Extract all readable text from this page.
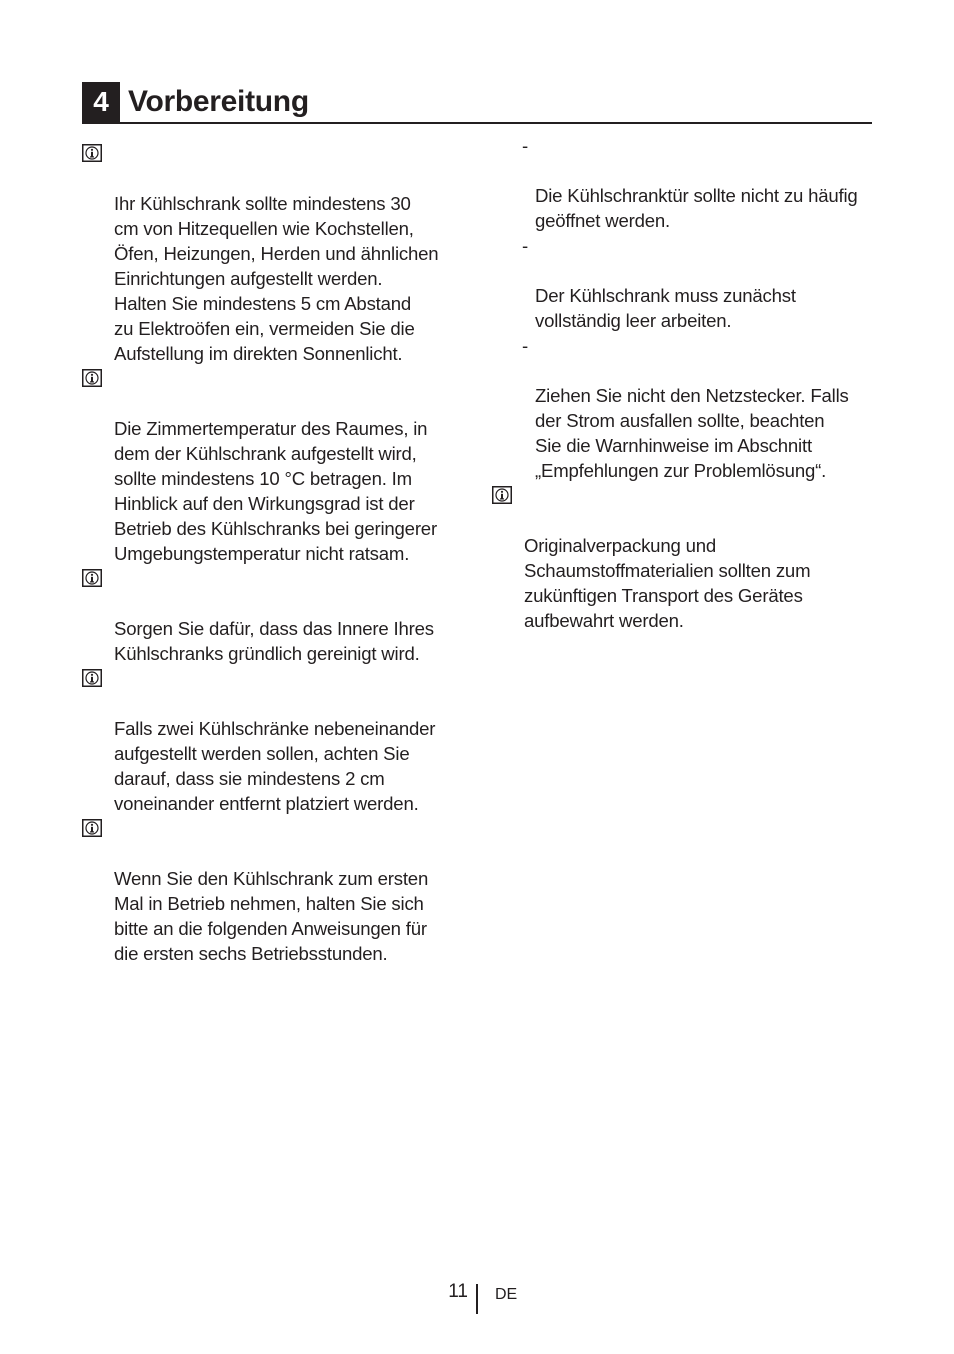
4 Vorbereitung

Ihr Kühlschrank sollte mindestens 30
cm von Hitzequellen wie Kochstellen,
Öfen, Heizungen, Herden und ähnlichen
Einrichtungen aufgestellt werden.
Halten Sie mindestens 5 cm Abstand
zu Elektroöfen ein, vermeiden Sie die
Aufstellung im direkten Sonnenlicht.

Die Zimmertemperatur des Raumes, in
dem der Kühlschrank aufgestellt wird,
sollte mindestens 10 °C betragen. Im
Hinblick auf den Wirkungsgrad ist der
Betrieb des Kühlschranks bei geringerer
Umgebungstemperatur nicht ratsam.

Sorgen Sie dafür, dass das Innere Ihres
Kühlschranks gründlich gereinigt wird.

Falls zwei Kühlschränke nebeneinander
aufgestellt werden sollen, achten Sie
darauf, dass sie mindestens 2 cm
voneinander entfernt platziert werden.

Wenn Sie den Kühlschrank zum ersten
Mal in Betrieb nehmen, halten Sie sich
bitte an die folgenden Anweisungen für
die ersten sechs Betriebsstunden.

-

Die Kühlschranktür sollte nicht zu häufig
geöffnet werden.

-

Der Kühlschrank muss zunächst
vollständig leer arbeiten.

-

Ziehen Sie nicht den Netzstecker. Falls
der Strom ausfallen sollte, beachten
Sie die Warnhinweise im Abschnitt
„Empfehlungen zur Problemlösung“.

Originalverpackung und
Schaumstoffmaterialien sollten zum
zukünftigen Transport des Gerätes
aufbewahrt werden.

11 DE
